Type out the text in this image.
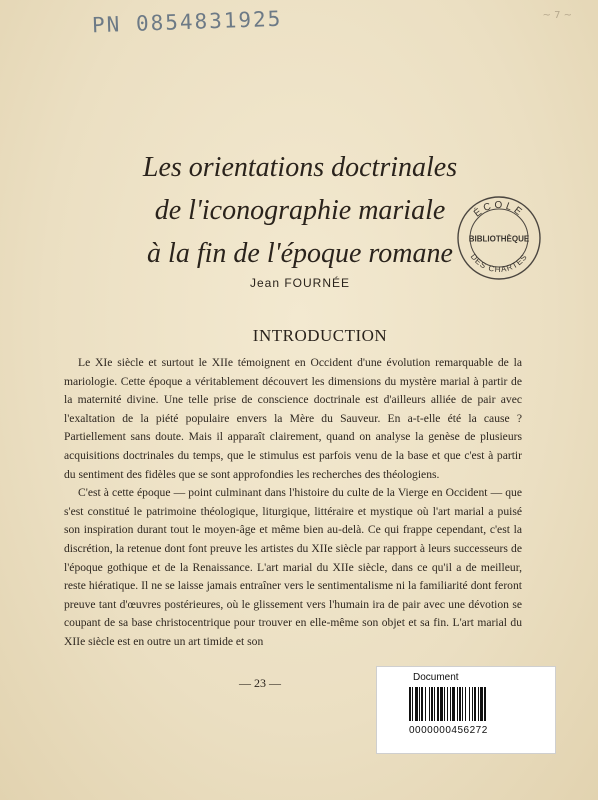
PN 0854831925	~ 7 ~
Les orientations doctrinales
de l'iconographie mariale
à la fin de l'époque romane
Jean FOURNÉE
ÉCOLE
BIBLIOTHÈQUE
DES CHARTES
INTRODUCTION

Le XIe siècle et surtout le XIIe témoignent en Occident d'une évolution remarquable de la mariologie. Cette époque a véritablement découvert les dimensions du mystère marial à partir de la maternité divine. Une telle prise de conscience doctrinale est d'ailleurs alliée de pair avec l'exaltation de la piété populaire envers la Mère du Sauveur. En a-t-elle été la cause ? Partiellement sans doute. Mais il apparaît clairement, quand on analyse la genèse de plusieurs acquisitions doctrinales du temps, que le stimulus est parfois venu de la base et que c'est à partir du sentiment des fidèles que se sont approfondies les recherches des théologiens.

C'est à cette époque — point culminant dans l'histoire du culte de la Vierge en Occident — que s'est constitué le patrimoine théologique, liturgique, littéraire et mystique où l'art marial a puisé son inspiration durant tout le moyen-âge et même bien au-delà. Ce qui frappe cependant, c'est la discrétion, la retenue dont font preuve les artistes du XIIe siècle par rapport à leurs successeurs de l'époque gothique et de la Renaissance. L'art marial du XIIe siècle, dans ce qu'il a de meilleur, reste hiératique. Il ne se laisse jamais entraîner vers le sentimentalisme ni la familiarité dont feront preuve tant d'œuvres postérieures, où le glissement vers l'humain ira de pair avec une dévotion se coupant de sa base christocentrique pour trouver en elle-même son objet et sa fin. L'art marial du XIIe siècle est en outre un art timide et son

— 23 —	Document
0000000456272
